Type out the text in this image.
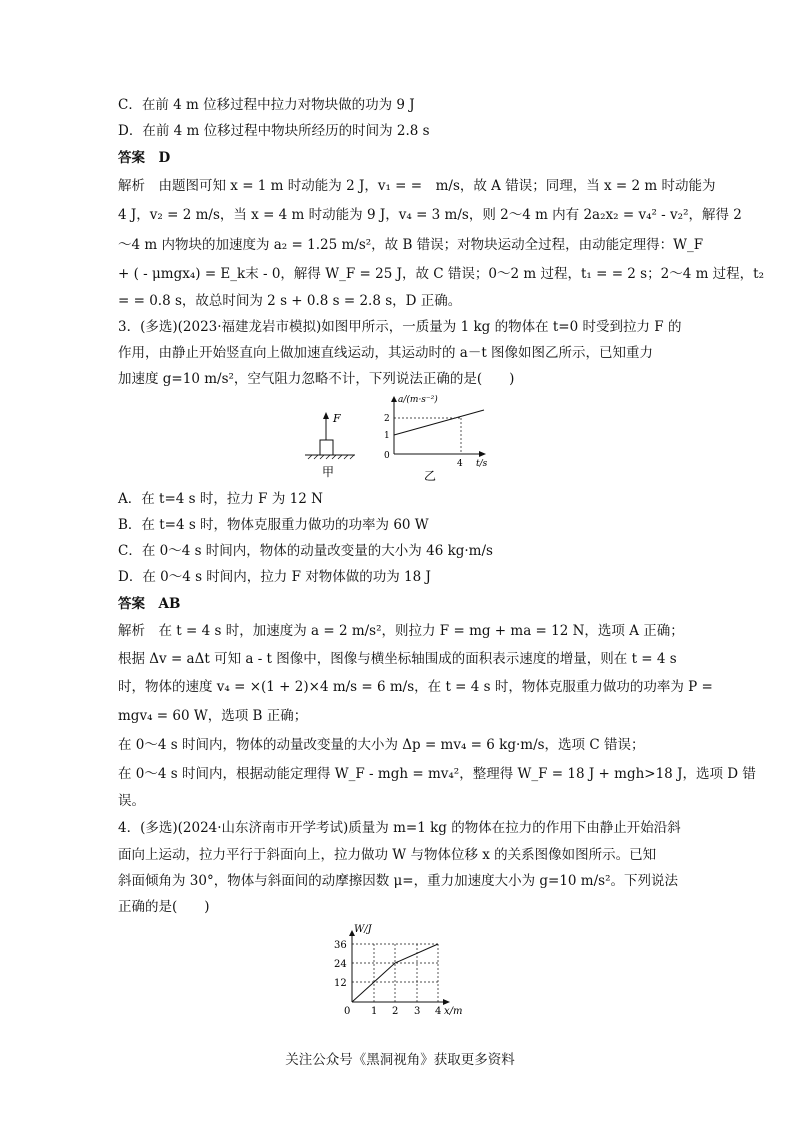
C．在前 4 m 位移过程中拉力对物块做的功为 9 J
D．在前 4 m 位移过程中物块所经历的时间为 2.8 s
答案　D
解析　由题图可知 x = 1 m 时动能为 2 J，v₁ = =　m/s，故 A 错误；同理，当 x = 2 m 时动能为
4 J，v₂ = 2 m/s，当 x = 4 m 时动能为 9 J，v₄ = 3 m/s，则 2～4 m 内有 2a₂x₂ = v₄² - v₂²，解得 2
～4 m 内物块的加速度为 a₂ = 1.25 m/s²，故 B 错误；对物块运动全过程，由动能定理得：W_F
+ ( - μmgx₄) = E_k末 - 0，解得 W_F = 25 J，故 C 错误；0～2 m 过程，t₁ = = 2 s；2～4 m 过程，t₂
= = 0.8 s，故总时间为 2 s + 0.8 s = 2.8 s，D 正确。
3．(多选)(2023·福建龙岩市模拟)如图甲所示，一质量为 1 kg 的物体在 t=0 时受到拉力 F 的
作用，由静止开始竖直向上做加速直线运动，其运动时的 a－t 图像如图乙所示，已知重力
加速度 g=10 m/s²，空气阻力忽略不计，下列说法正确的是(　　)
F
甲
a/(m·s⁻²)
2
1
0
4 t/s
乙
A．在 t=4 s 时，拉力 F 为 12 N
B．在 t=4 s 时，物体克服重力做功的功率为 60 W
C．在 0～4 s 时间内，物体的动量改变量的大小为 46 kg·m/s
D．在 0～4 s 时间内，拉力 F 对物体做的功为 18 J
答案　AB
解析　在 t = 4 s 时，加速度为 a = 2 m/s²，则拉力 F = mg + ma = 12 N，选项 A 正确；
根据 Δv = aΔt 可知 a - t 图像中，图像与横坐标轴围成的面积表示速度的增量，则在 t = 4 s
时，物体的速度 v₄ = ×(1 + 2)×4 m/s = 6 m/s，在 t = 4 s 时，物体克服重力做功的功率为 P =
mgv₄ = 60 W，选项 B 正确；
在 0～4 s 时间内，物体的动量改变量的大小为 Δp = mv₄ = 6 kg·m/s，选项 C 错误；
在 0～4 s 时间内，根据动能定理得 W_F - mgh = mv₄²，整理得 W_F = 18 J + mgh>18 J，选项 D 错
误。
4．(多选)(2024·山东济南市开学考试)质量为 m=1 kg 的物体在拉力的作用下由静止开始沿斜
面向上运动，拉力平行于斜面向上，拉力做功 W 与物体位移 x 的关系图像如图所示。已知
斜面倾角为 30°，物体与斜面间的动摩擦因数 μ=，重力加速度大小为 g=10 m/s²。下列说法
正确的是(　　)
W/J
36
24
12
0 1 2 3 4 x/m
关注公众号《黑洞视角》获取更多资料
